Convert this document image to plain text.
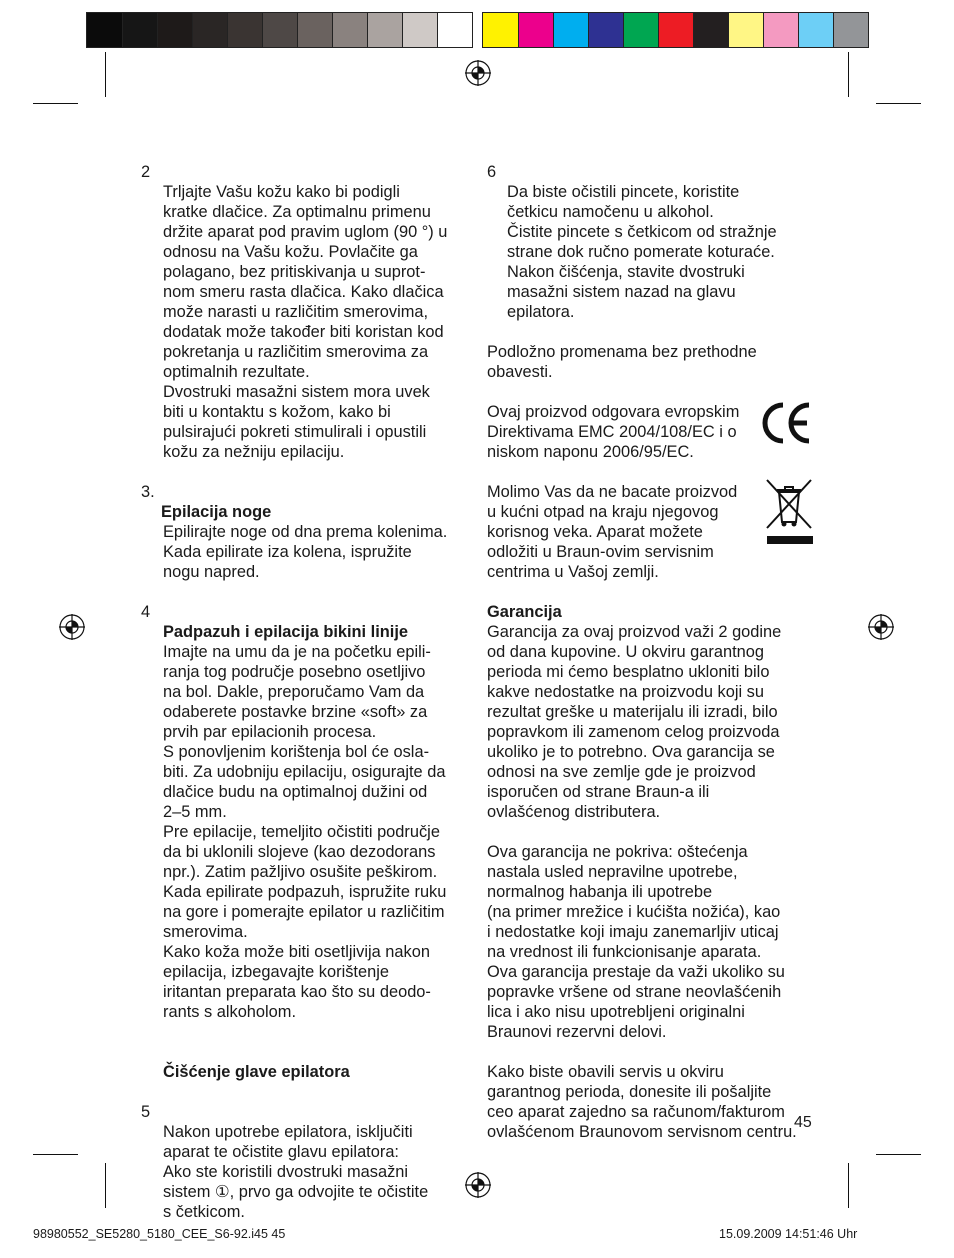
2
Trljajte Vašu kožu kako bi podigli
kratke dlačice. Za optimalnu primenu
držite aparat pod pravim uglom (90 °) u
odnosu na Vašu kožu. Povlačite ga
polagano, bez pritiskivanja u suprot-
nom smeru rasta dlačica. Kako dlačica
može narasti u različitim smerovima,
dodatak može također biti koristan kod
pokretanja u različitim smerovima za
optimalnih rezultate.
Dvostruki masažni sistem mora uvek
biti u kontaktu s kožom, kako bi
pulsirajući pokreti stimulirali i opustili
kožu za nežniju epilaciju.

3.
Epilacija noge
Epilirajte noge od dna prema kolenima.
Kada epilirate iza kolena, ispružite
nogu napred.

4
Padpazuh i epilacija bikini linije
Imajte na umu da je na početku epili-
ranja tog područje posebno osetljivo
na bol. Dakle, preporučamo Vam da
odaberete postavke brzine «soft» za
prvih par epilacionih procesa.
S ponovljenim korištenja bol će osla-
biti. Za udobniju epilaciju, osigurajte da
dlačice budu na optimalnoj dužini od
2–5 mm.
Pre epilacije, temeljito očistiti područje
da bi uklonili slojeve (kao dezodorans
npr.). Zatim pažljivo osušite peškirom.
Kada epilirate podpazuh, ispružite ruku
na gore i pomerajte epilator u različitim
smerovima.
Kako koža može biti osetljivija nakon
epilacija, izbegavajte korištenje
iritantan preparata kao što su deodo-
rants s alkoholom.

Čišćenje glave epilatora

5
Nakon upotrebe epilatora, isključiti
aparat te očistite glavu epilatora:
Ako ste koristili dvostruki masažni
sistem ①, prvo ga odvojite te očistite
s četkicom.

6
Da biste očistili pincete, koristite
četkicu namočenu u alkohol.
Čistite pincete s četkicom od stražnje
strane dok ručno pomerate koturaće.
Nakon čišćenja, stavite dvostruki
masažni sistem nazad na glavu
epilatora.

Podložno promenama bez prethodne
obavesti.

Ovaj proizvod odgovara evropskim
Direktivama EMC 2004/108/EC i o
niskom naponu 2006/95/EC.

Molimo Vas da ne bacate proizvod
u kućni otpad na kraju njegovog
korisnog veka. Aparat možete
odložiti u Braun-ovim servisnim
centrima u Vašoj zemlji.

Garancija

Garancija za ovaj proizvod važi 2 godine
od dana kupovine. U okviru garantnog
perioda mi ćemo besplatno ukloniti bilo
kakve nedostatke na proizvodu koji su
rezultat greške u materijalu ili izradi, bilo
popravkom ili zamenom celog proizvoda
ukoliko je to potrebno. Ova garancija se
odnosi na sve zemlje gde je proizvod
isporučen od strane Braun-a ili
ovlašćenog distributera.

Ova garancija ne pokriva: oštećenja
nastala usled nepravilne upotrebe,
normalnog habanja ili upotrebe
(na primer mrežice i kućišta nožića), kao
i nedostatke koji imaju zanemarljiv uticaj
na vrednost ili funkcionisanje aparata.
Ova garancija prestaje da važi ukoliko su
popravke vršene od strane neovlašćenih
lica i ako nisu upotrebljeni originalni
Braunovi rezervni delovi.

Kako biste obavili servis u okviru
garantnog perioda, donesite ili pošaljite
ceo aparat zajedno sa računom/fakturom
ovlašćenom Braunovom servisnom centru.

45
98980552_SE5280_5180_CEE_S6-92.i45 45	15.09.2009 14:51:46 Uhr
